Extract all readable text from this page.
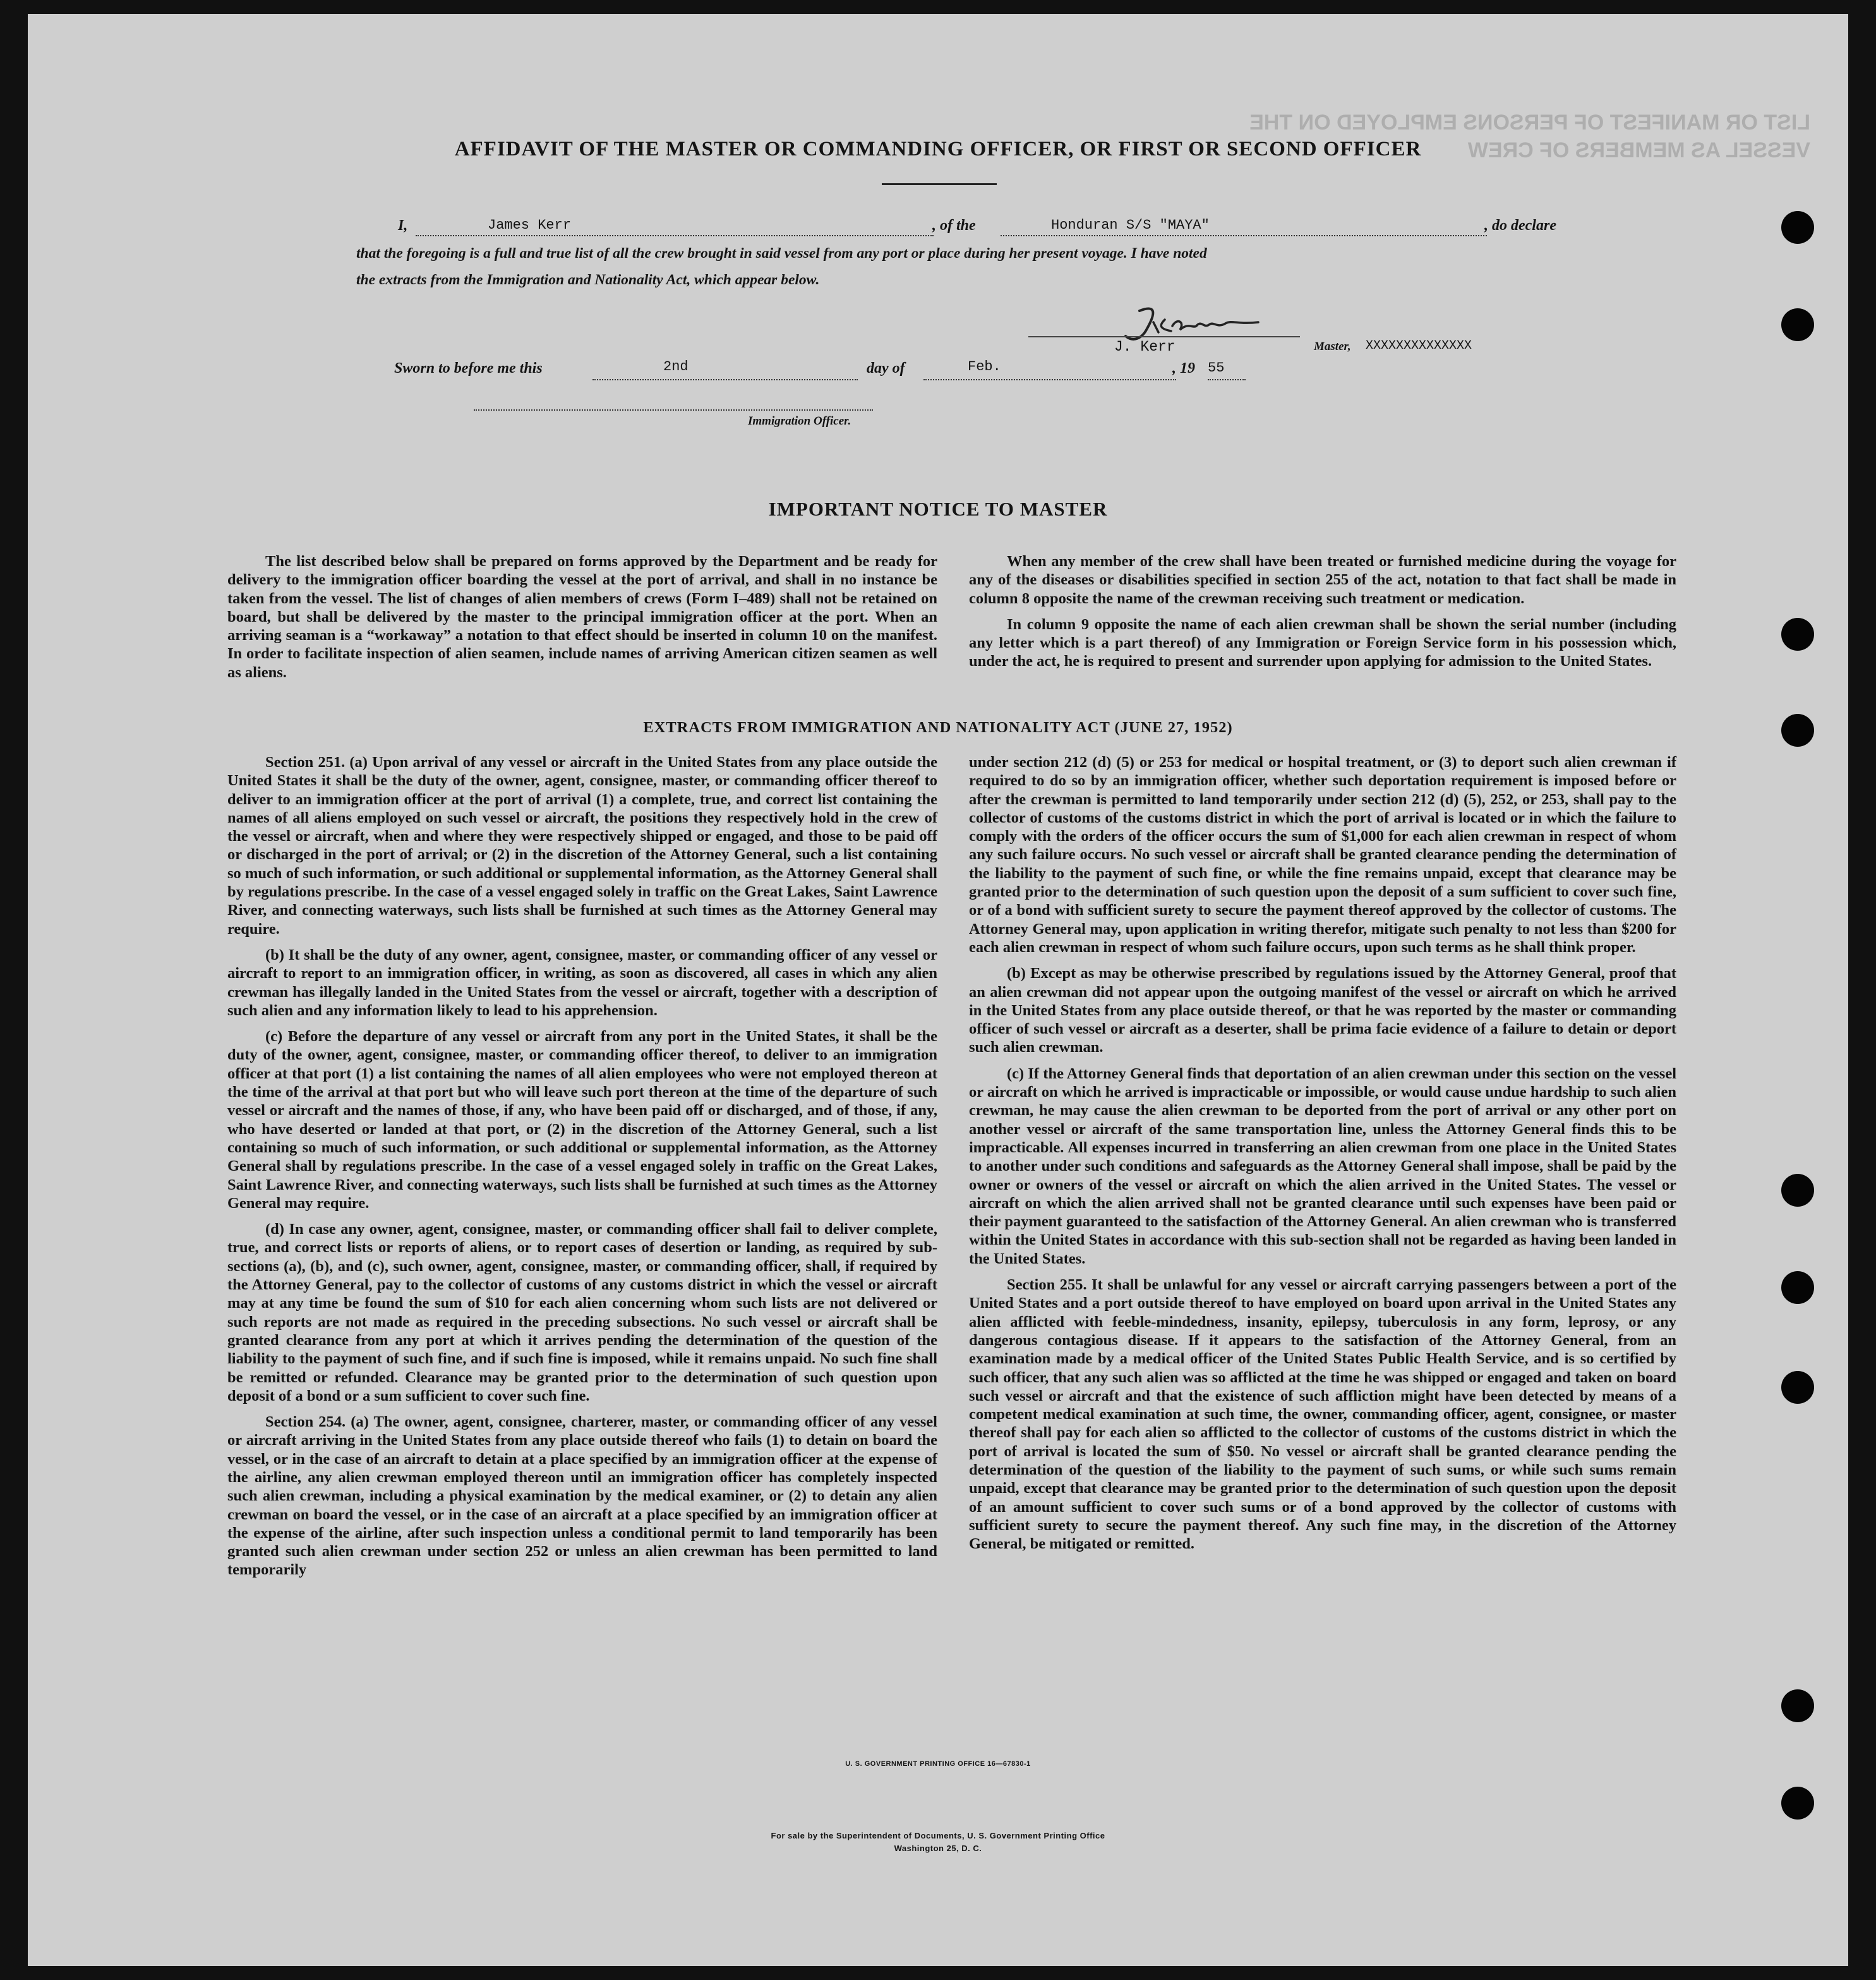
LIST OR MANIFEST OF PERSONS EMPLOYED ON THE VESSEL AS MEMBERS OF CREW
AFFIDAVIT OF THE MASTER OR COMMANDING OFFICER, OR FIRST OR SECOND OFFICER
I,	James Kerr	, of the	Honduran S/S "MAYA"	, do declare
that the foregoing is a full and true list of all the crew brought in said vessel from any port or place during her present voyage. I have noted
the extracts from the Immigration and Nationality Act, which appear below.
J. Kerr	Master, XXXXXXXXXXXXXX
Sworn to before me this	2nd	day of	Feb.	, 19 55
Immigration Officer.
IMPORTANT NOTICE TO MASTER

The list described below shall be prepared on forms approved by the Department and be ready for delivery to the immigration officer boarding the vessel at the port of arrival, and shall in no instance be taken from the vessel. The list of changes of alien members of crews (Form I–489) shall not be retained on board, but shall be delivered by the master to the principal immigration officer at the port. When an arriving seaman is a “workaway” a notation to that effect should be inserted in column 10 on the manifest. In order to facilitate inspection of alien seamen, include names of arriving American citizen seamen as well as aliens.

When any member of the crew shall have been treated or furnished medicine during the voyage for any of the diseases or disabilities specified in section 255 of the act, notation to that fact shall be made in column 8 opposite the name of the crewman receiving such treatment or medication.

In column 9 opposite the name of each alien crewman shall be shown the serial number (including any letter which is a part thereof) of any Immigration or Foreign Service form in his possession which, under the act, he is required to present and surrender upon applying for admission to the United States.

EXTRACTS FROM IMMIGRATION AND NATIONALITY ACT (JUNE 27, 1952)

Section 251. (a) Upon arrival of any vessel or aircraft in the United States from any place outside the United States it shall be the duty of the owner, agent, consignee, master, or commanding officer thereof to deliver to an immigration officer at the port of arrival (1) a complete, true, and correct list containing the names of all aliens employed on such vessel or aircraft, the positions they respectively hold in the crew of the vessel or aircraft, when and where they were respectively shipped or engaged, and those to be paid off or discharged in the port of arrival; or (2) in the discretion of the Attorney General, such a list containing so much of such information, or such additional or supplemental information, as the Attorney General shall by regulations prescribe. In the case of a vessel engaged solely in traffic on the Great Lakes, Saint Lawrence River, and connecting waterways, such lists shall be furnished at such times as the Attorney General may require.

(b) It shall be the duty of any owner, agent, consignee, master, or commanding officer of any vessel or aircraft to report to an immigration officer, in writing, as soon as discovered, all cases in which any alien crewman has illegally landed in the United States from the vessel or aircraft, together with a description of such alien and any information likely to lead to his apprehension.

(c) Before the departure of any vessel or aircraft from any port in the United States, it shall be the duty of the owner, agent, consignee, master, or commanding officer thereof, to deliver to an immigration officer at that port (1) a list containing the names of all alien employees who were not employed thereon at the time of the arrival at that port but who will leave such port thereon at the time of the departure of such vessel or aircraft and the names of those, if any, who have been paid off or discharged, and of those, if any, who have deserted or landed at that port, or (2) in the discretion of the Attorney General, such a list containing so much of such information, or such additional or supplemental information, as the Attorney General shall by regulations prescribe. In the case of a vessel engaged solely in traffic on the Great Lakes, Saint Lawrence River, and connecting waterways, such lists shall be furnished at such times as the Attorney General may require.

(d) In case any owner, agent, consignee, master, or commanding officer shall fail to deliver complete, true, and correct lists or reports of aliens, or to report cases of desertion or landing, as required by sub-sections (a), (b), and (c), such owner, agent, consignee, master, or commanding officer, shall, if required by the Attorney General, pay to the collector of customs of any customs district in which the vessel or aircraft may at any time be found the sum of $10 for each alien concerning whom such lists are not delivered or such reports are not made as required in the preceding subsections. No such vessel or aircraft shall be granted clearance from any port at which it arrives pending the determination of the question of the liability to the payment of such fine, and if such fine is imposed, while it remains unpaid. No such fine shall be remitted or refunded. Clearance may be granted prior to the determination of such question upon deposit of a bond or a sum sufficient to cover such fine.

Section 254. (a) The owner, agent, consignee, charterer, master, or commanding officer of any vessel or aircraft arriving in the United States from any place outside thereof who fails (1) to detain on board the vessel, or in the case of an aircraft to detain at a place specified by an immigration officer at the expense of the airline, any alien crewman employed thereon until an immigration officer has completely inspected such alien crewman, including a physical examination by the medical examiner, or (2) to detain any alien crewman on board the vessel, or in the case of an aircraft at a place specified by an immigration officer at the expense of the airline, after such inspection unless a conditional permit to land temporarily has been granted such alien crewman under section 252 or unless an alien crewman has been permitted to land temporarily

under section 212 (d) (5) or 253 for medical or hospital treatment, or (3) to deport such alien crewman if required to do so by an immigration officer, whether such deportation requirement is imposed before or after the crewman is permitted to land temporarily under section 212 (d) (5), 252, or 253, shall pay to the collector of customs of the customs district in which the port of arrival is located or in which the failure to comply with the orders of the officer occurs the sum of $1,000 for each alien crewman in respect of whom any such failure occurs. No such vessel or aircraft shall be granted clearance pending the determination of the liability to the payment of such fine, or while the fine remains unpaid, except that clearance may be granted prior to the determination of such question upon the deposit of a sum sufficient to cover such fine, or of a bond with sufficient surety to secure the payment thereof approved by the collector of customs. The Attorney General may, upon application in writing therefor, mitigate such penalty to not less than $200 for each alien crewman in respect of whom such failure occurs, upon such terms as he shall think proper.

(b) Except as may be otherwise prescribed by regulations issued by the Attorney General, proof that an alien crewman did not appear upon the outgoing manifest of the vessel or aircraft on which he arrived in the United States from any place outside thereof, or that he was reported by the master or commanding officer of such vessel or aircraft as a deserter, shall be prima facie evidence of a failure to detain or deport such alien crewman.

(c) If the Attorney General finds that deportation of an alien crewman under this section on the vessel or aircraft on which he arrived is impracticable or impossible, or would cause undue hardship to such alien crewman, he may cause the alien crewman to be deported from the port of arrival or any other port on another vessel or aircraft of the same transportation line, unless the Attorney General finds this to be impracticable. All expenses incurred in transferring an alien crewman from one place in the United States to another under such conditions and safeguards as the Attorney General shall impose, shall be paid by the owner or owners of the vessel or aircraft on which the alien arrived in the United States. The vessel or aircraft on which the alien arrived shall not be granted clearance until such expenses have been paid or their payment guaranteed to the satisfaction of the Attorney General. An alien crewman who is transferred within the United States in accordance with this sub-section shall not be regarded as having been landed in the United States.

Section 255. It shall be unlawful for any vessel or aircraft carrying passengers between a port of the United States and a port outside thereof to have employed on board upon arrival in the United States any alien afflicted with feeble-mindedness, insanity, epilepsy, tuberculosis in any form, leprosy, or any dangerous contagious disease. If it appears to the satisfaction of the Attorney General, from an examination made by a medical officer of the United States Public Health Service, and is so certified by such officer, that any such alien was so afflicted at the time he was shipped or engaged and taken on board such vessel or aircraft and that the existence of such affliction might have been detected by means of a competent medical examination at such time, the owner, commanding officer, agent, consignee, or master thereof shall pay for each alien so afflicted to the collector of customs of the customs district in which the port of arrival is located the sum of $50. No vessel or aircraft shall be granted clearance pending the determination of the question of the liability to the payment of such sums, or while such sums remain unpaid, except that clearance may be granted prior to the determination of such question upon the deposit of an amount sufficient to cover such sums or of a bond approved by the collector of customs with sufficient surety to secure the payment thereof. Any such fine may, in the discretion of the Attorney General, be mitigated or remitted.

U. S. GOVERNMENT PRINTING OFFICE 16—67830-1
For sale by the Superintendent of Documents, U. S. Government Printing Office
Washington 25, D. C.
